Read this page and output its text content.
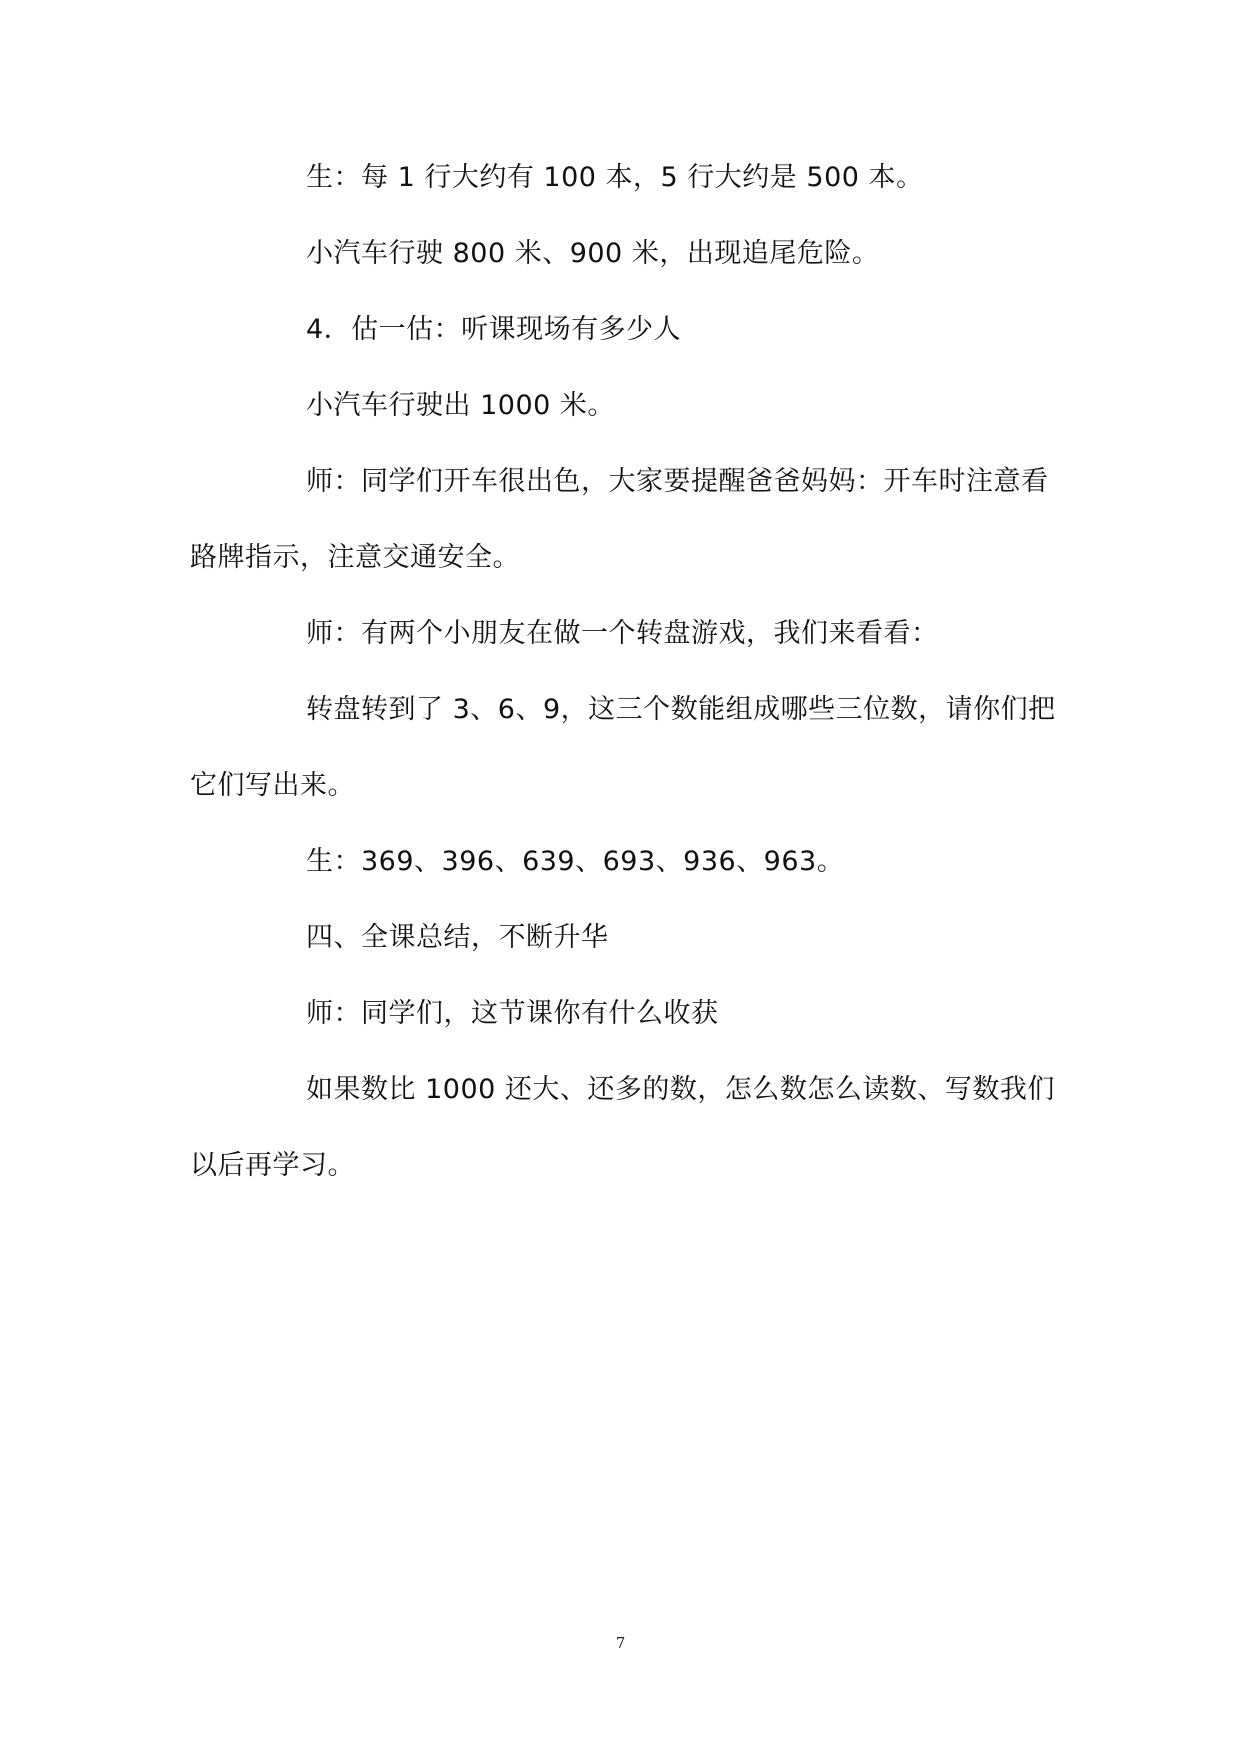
生：每 1 行大约有 100 本，5 行大约是 500 本。

小汽车行驶 800 米、900 米，出现追尾危险。

4．估一估：听课现场有多少人

小汽车行驶出 1000 米。

师：同学们开车很出色，大家要提醒爸爸妈妈：开车时注意看路牌指示，注意交通安全。

师：有两个小朋友在做一个转盘游戏，我们来看看：

转盘转到了 3、6、9，这三个数能组成哪些三位数，请你们把它们写出来。

生：369、396、639、693、936、963。

四、全课总结，不断升华

师：同学们，这节课你有什么收获

如果数比 1000 还大、还多的数，怎么数怎么读数、写数我们以后再学习。

7
